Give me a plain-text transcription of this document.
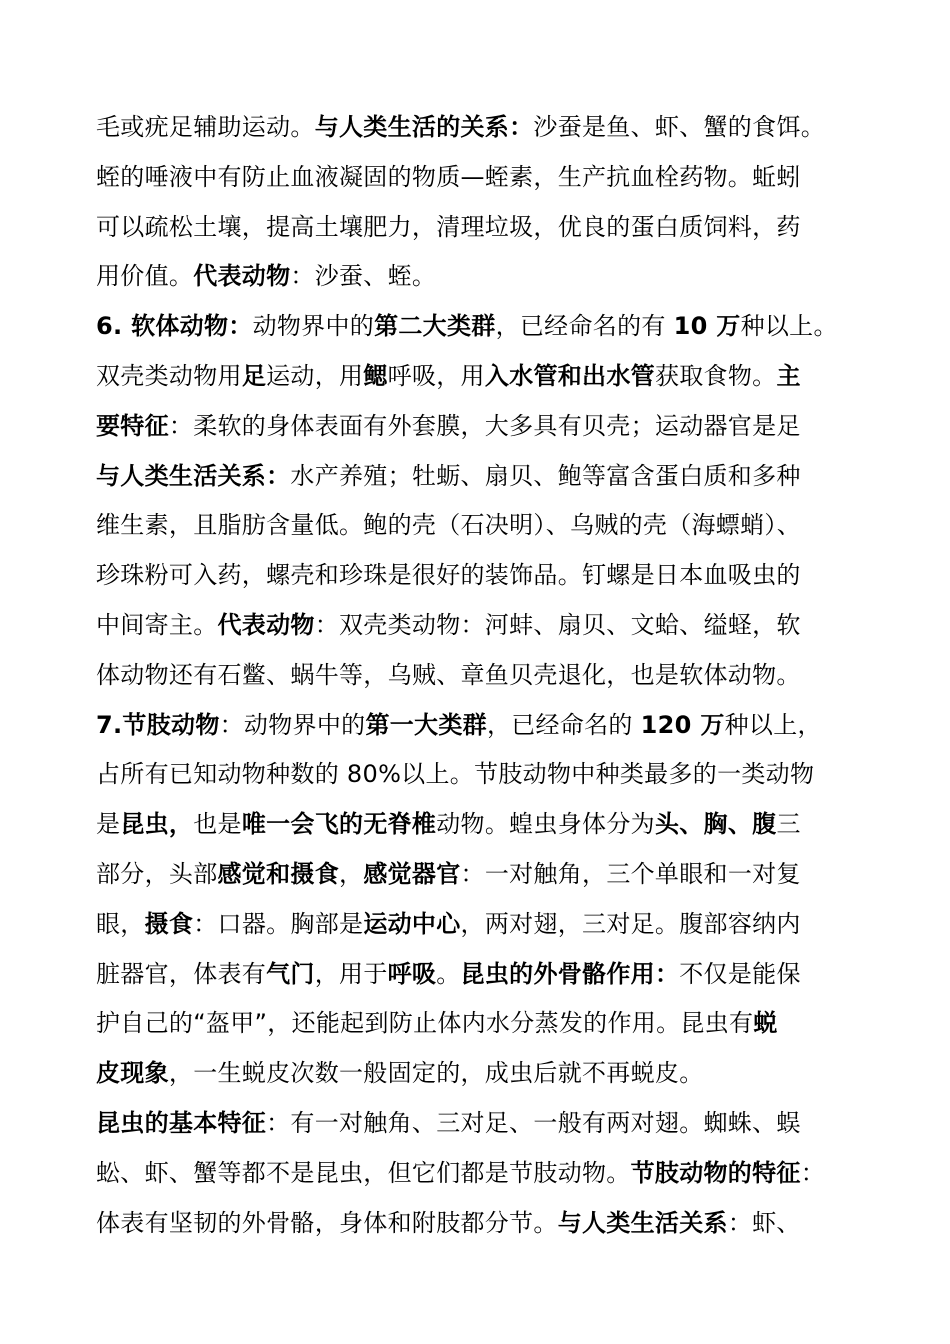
毛或疣足辅助运动。与人类生活的关系：沙蚕是鱼、虾、蟹的食饵。
蛭的唾液中有防止血液凝固的物质—蛭素，生产抗血栓药物。蚯蚓
可以疏松土壤，提高土壤肥力，清理垃圾，优良的蛋白质饲料，药
用价值。代表动物：沙蚕、蛭。
6. 软体动物：动物界中的第二大类群，已经命名的有 10 万种以上。
双壳类动物用足运动，用鳃呼吸，用入水管和出水管获取食物。主
要特征：柔软的身体表面有外套膜，大多具有贝壳；运动器官是足
与人类生活关系：水产养殖；牡蛎、扇贝、鲍等富含蛋白质和多种
维生素，且脂肪含量低。鲍的壳（石决明）、乌贼的壳（海螵蛸）、
珍珠粉可入药，螺壳和珍珠是很好的装饰品。钉螺是日本血吸虫的
中间寄主。代表动物：双壳类动物：河蚌、扇贝、文蛤、缢蛏，软
体动物还有石鳖、蜗牛等，乌贼、章鱼贝壳退化，也是软体动物。
7.节肢动物：动物界中的第一大类群，已经命名的 120 万种以上，
占所有已知动物种数的 80%以上。节肢动物中种类最多的一类动物
是昆虫，也是唯一会飞的无脊椎动物。蝗虫身体分为头、胸、腹三
部分，头部感觉和摄食，感觉器官：一对触角，三个单眼和一对复
眼，摄食：口器。胸部是运动中心，两对翅，三对足。腹部容纳内
脏器官，体表有气门，用于呼吸。昆虫的外骨骼作用：不仅是能保
护自己的“盔甲”，还能起到防止体内水分蒸发的作用。昆虫有蜕
皮现象，一生蜕皮次数一般固定的，成虫后就不再蜕皮。
昆虫的基本特征：有一对触角、三对足、一般有两对翅。蜘蛛、蜈
蚣、虾、蟹等都不是昆虫，但它们都是节肢动物。节肢动物的特征：
体表有坚韧的外骨骼，身体和附肢都分节。与人类生活关系：虾、
